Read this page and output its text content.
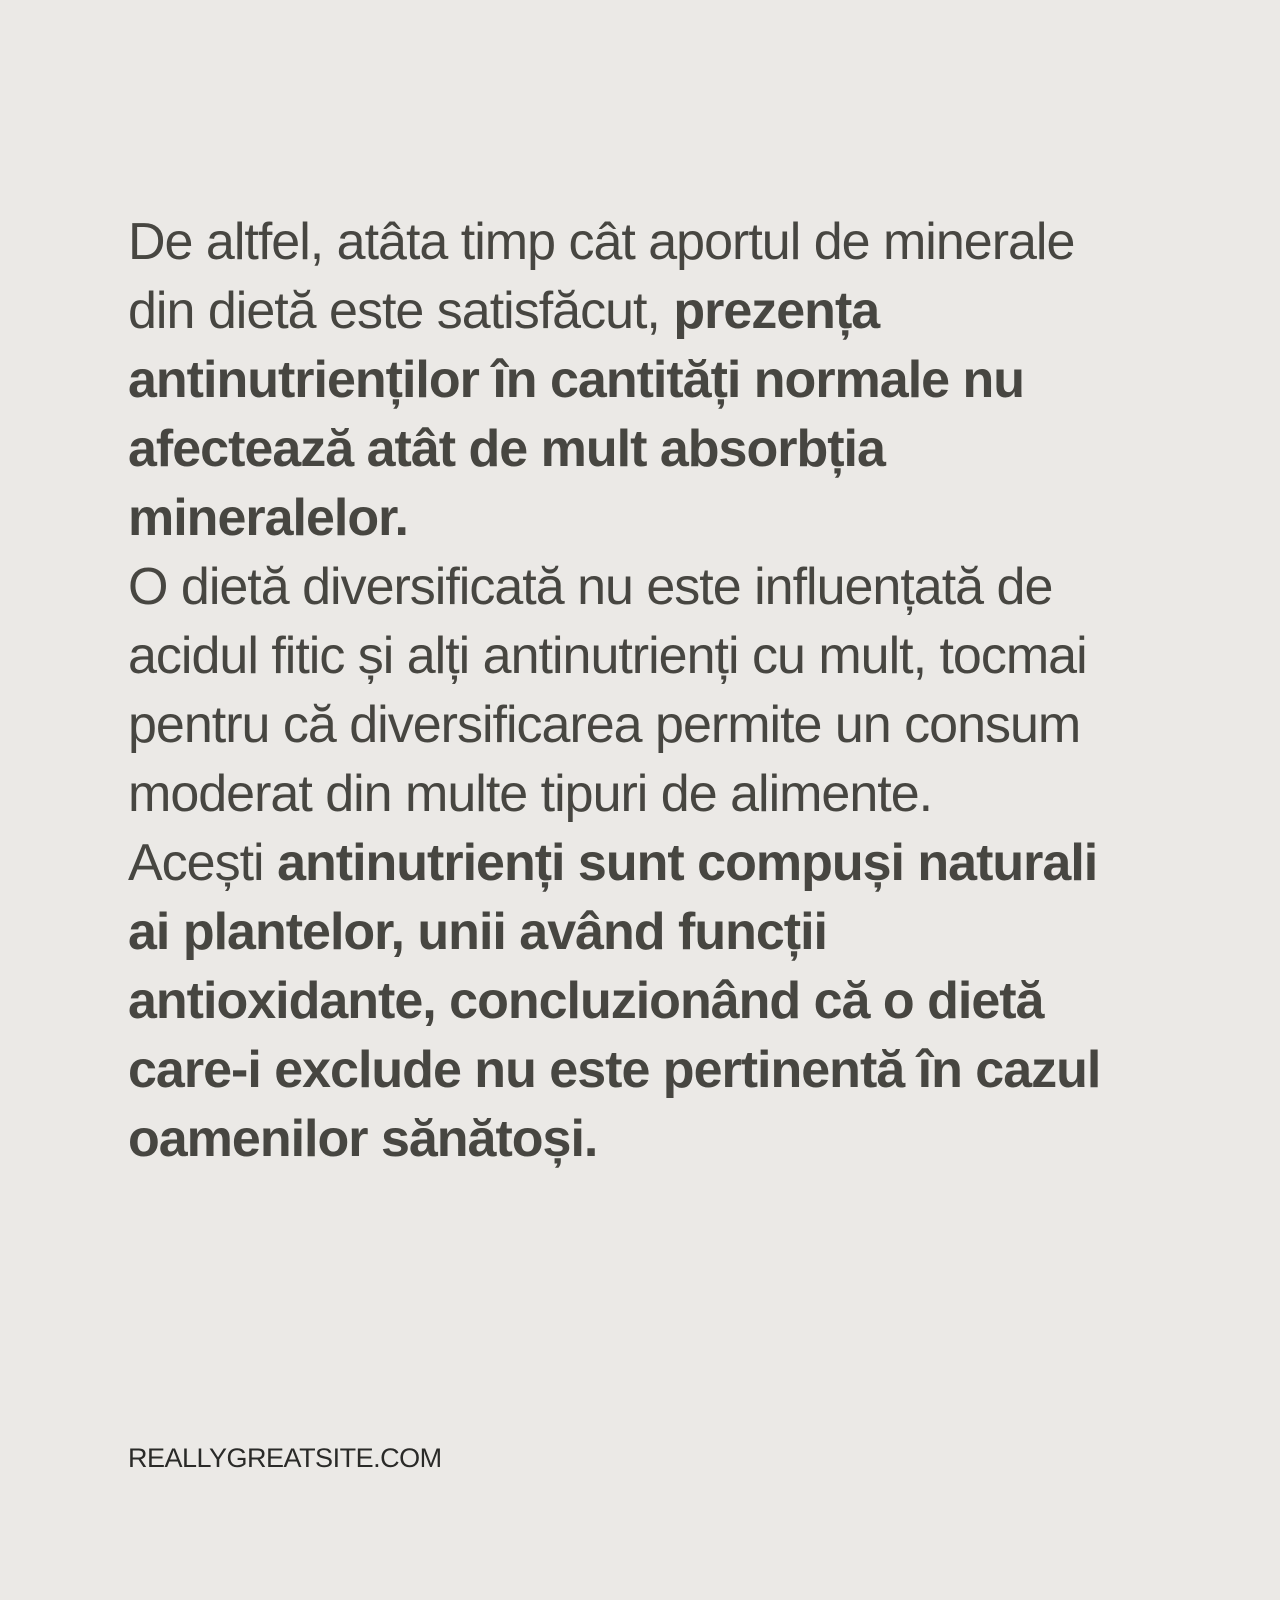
De altfel, atâta timp cât aportul de minerale din dietă este satisfăcut, prezența antinutrienților în cantități normale nu afectează atât de mult absorbția mineralelor.

O dietă diversificată nu este influențată de acidul fitic și alți antinutrienți cu mult, tocmai pentru că diversificarea permite un consum moderat din multe tipuri de alimente.

Acești antinutrienți sunt compuși naturali ai plantelor, unii având funcții antioxidante, concluzionând că o dietă care-i exclude nu este pertinentă în cazul oamenilor sănătoși.

REALLYGREATSITE.COM
